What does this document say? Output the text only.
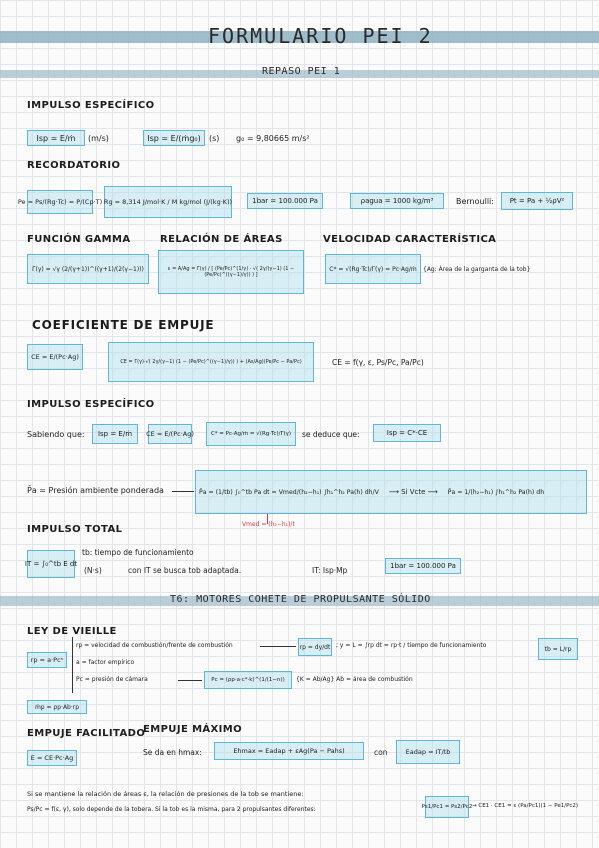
FORMULARIO PEI 2
REPASO PEI 1
IMPULSO ESPECÍFICO
Isp = E/ṁ	(m/s)	Isp = E/(ṁg₀)	(s) g₀ = 9,80665 m/s²
RECORDATORIO
Pe = Ps/(Rg·Tc) = P/(Cp·T) Rg = 8,314 J/mol·K / M kg/mol (J/(kg·K))	1bar = 100.000 Pa	ρagua = 1000 kg/m³	Bernoulli:	Pt = Pa + ½ρV²
FUNCIÓN GAMMA	RELACIÓN DE ÁREAS	VELOCIDAD CARACTERÍSTICA
Γ(γ) = √γ (2/(γ+1))^((γ+1)/(2(γ−1)))	ε = A/Ag = Γ(γ) / [ (Pe/Pc)^(1/γ) · √( 2γ/(γ−1) (1 − (Pe/Pc)^((γ−1)/γ)) ) ]
C* = √(Rg·Tc)/Γ(γ) = Pc·Ag/ṁ	{Ag: Área de la garganta de la tob}
COEFICIENTE DE EMPUJE
CE = E/(Pc·Ag)
CE = Γ(γ)·√( 2γ/(γ−1) (1 − (Pe/Pc)^((γ−1)/γ)) ) + (As/Ag)(Pe/Pc − Pa/Pc)	CE = f(γ, ε, Ps/Pc, Pa/Pc)
IMPULSO ESPECÍFICO
Sabiendo que:	Isp = E/ṁ	CE = E/(Pc·Ag)	C* = Pc·Ag/ṁ = √(Rg·Tc)/Γ(γ)	se deduce que:	Isp = C*·CE
P̄a = Presión ambiente ponderada	P̄a = (1/tb) ∫₀^tb Pa dt = Vmed/(h₂−h₁) ∫h₁^h₂ Pa(h) dh/V ⟶ Si Vcte ⟶ P̄a = 1/(h₂−h₁) ∫h₁^h₂ Pa(h) dh
Vmed = (h₂−h₁)/t
IMPULSO TOTAL
IT = ∫₀^tb E dt
tb: tiempo de funcionamiento
(N·s)	con IT se busca tob adaptada.	IT: Isp·Mp	1bar = 100.000 Pa
T6: MOTORES COHETE DE PROPULSANTE SÓLIDO
LEY DE VIEILLE
rp = a·Pcⁿ
rp = velocidad de combustión/frente de combustión	rp = dy/dt ; y = L = ∫rp dt = rp·t / tiempo de funcionamiento	tb = L/rp
a = factor empírico
Pc = presión de cámara	Pc = (ρp·a·c*·k)^(1/(1−n))	{K = Ab/Ag} Ab = área de combustión
ṁp = ρp·Ab·rp
EMPUJE FACILITADO
EMPUJE MÁXIMO
E = CE·Pc·Ag
Se da en hmax:	Ehmax = Eadap + εAg(Pa − Pahs)	con	Eadap = IT/tb
Si se mantiene la relación de áreas ε, la relación de presiones de la tob se mantiene:
Ps/Pc = f(ε, γ), solo depende de la tobera. Si la tob es la misma, para 2 propulsantes diferentes:	Ps1/Pc1 = Ps2/Pc2 → CE1 · CE1 = ε (Pa/Pc1)(1 − Pe1/Pc2)
